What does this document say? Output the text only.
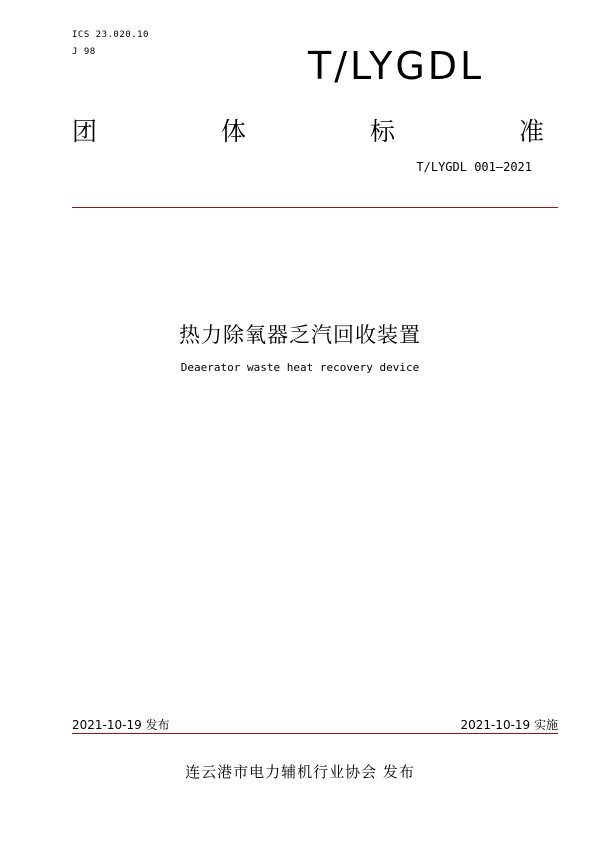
ICS 23.020.10
J 98	T/LYGDL
团	体	标	准
T/LYGDL 001—2021
热力除氧器乏汽回收装置
Deaerator waste heat recovery device
2021-10-19 发布	2021-10-19 实施
连云港市电力辅机行业协会 发布
